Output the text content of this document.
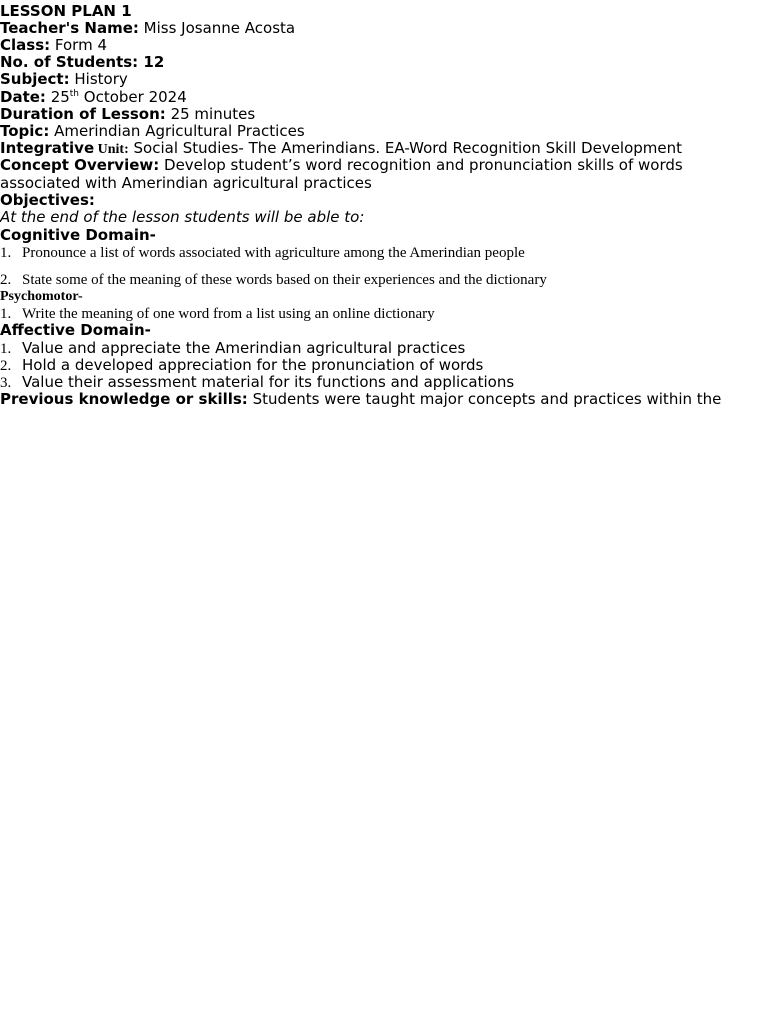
LESSON PLAN 1
Teacher's Name: Miss Josanne Acosta
Class: Form 4
No. of Students: 12
Subject: History
Date: 25th October 2024
Duration of Lesson: 25 minutes
Topic: Amerindian Agricultural Practices
Integrative Unit: Social Studies- The Amerindians. EA-Word Recognition Skill Development
Concept Overview: Develop student’s word recognition and pronunciation skills of words
associated with Amerindian agricultural practices
Objectives:
At the end of the lesson students will be able to:
Cognitive Domain-
1. Pronounce a list of words associated with agriculture among the Amerindian people
2. State some of the meaning of these words based on their experiences and the dictionary
Psychomotor-
1. Write the meaning of one word from a list using an online dictionary
Affective Domain-
1. Value and appreciate the Amerindian agricultural practices
2. Hold a developed appreciation for the pronunciation of words
3. Value their assessment material for its functions and applications
Previous knowledge or skills: Students were taught major concepts and practices within the
